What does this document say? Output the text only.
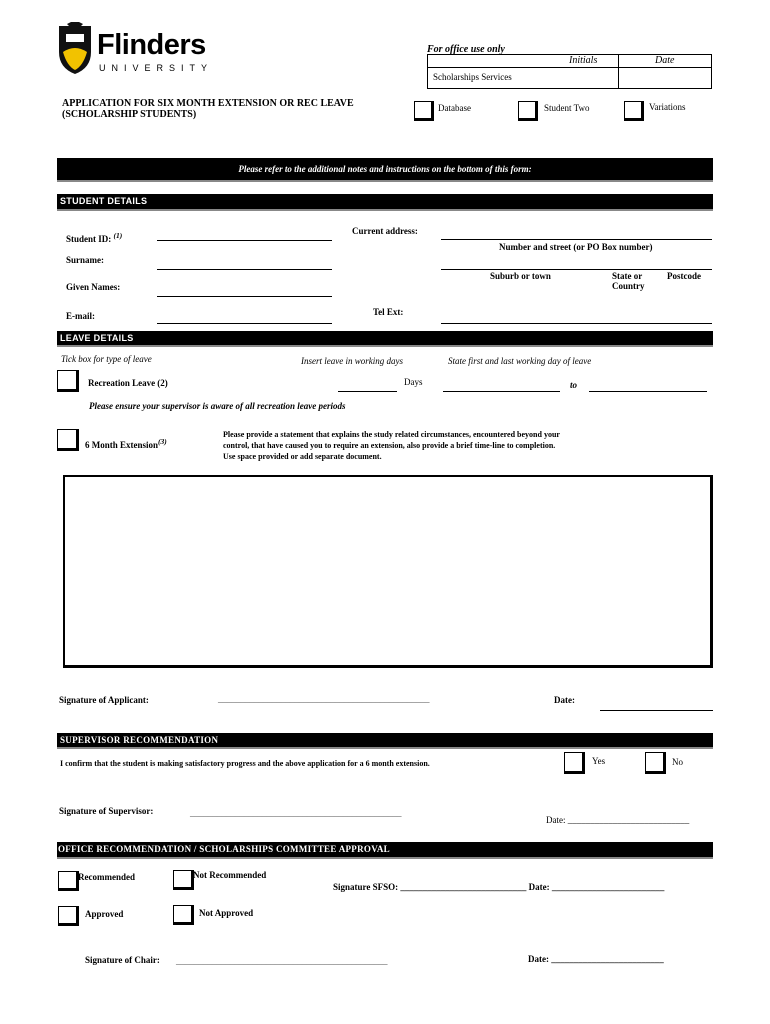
Flinders
UNIVERSITY
For office use only
Initials	Date
Scholarships Services
APPLICATION FOR SIX MONTH EXTENSION OR REC LEAVE
(SCHOLARSHIP STUDENTS)
Database	Student Two	Variations
Please refer to the additional notes and instructions on the bottom of this form:
STUDENT DETAILS
Student ID: $^{(1)}$
Surname:
Given Names:
E-mail:
Current address:
Number and street (or PO Box number)
Suburb or town	State or
Country
Postcode
Tel Ext:
LEAVE DETAILS
Tick box for type of leave	Insert leave in working days	State first and last working day of leave
Recreation Leave (2)	Days	to
Please ensure your supervisor is aware of all recreation leave periods
6 Month Extension$^{(3)}$
Please provide a statement that explains the study related circumstances, encountered beyond your
control, that have caused you to require an extension, also provide a brief time-line to completion.
Use space provided or add separate document.
Signature of Applicant:	_______________________________________________	Date:
SUPERVISOR RECOMMENDATION
I confirm that the student is making satisfactory progress and the above application for a 6 month extension.	Yes	No
Signature of Supervisor:	_______________________________________________
Date: ___________________________
OFFICE RECOMMENDATION / SCHOLARSHIPS COMMITTEE APPROVAL
Recommended	Not Recommended
Signature SFSO: ____________________________ Date: _________________________
Approved	Not Approved
Signature of Chair: _______________________________________________	Date: _________________________
